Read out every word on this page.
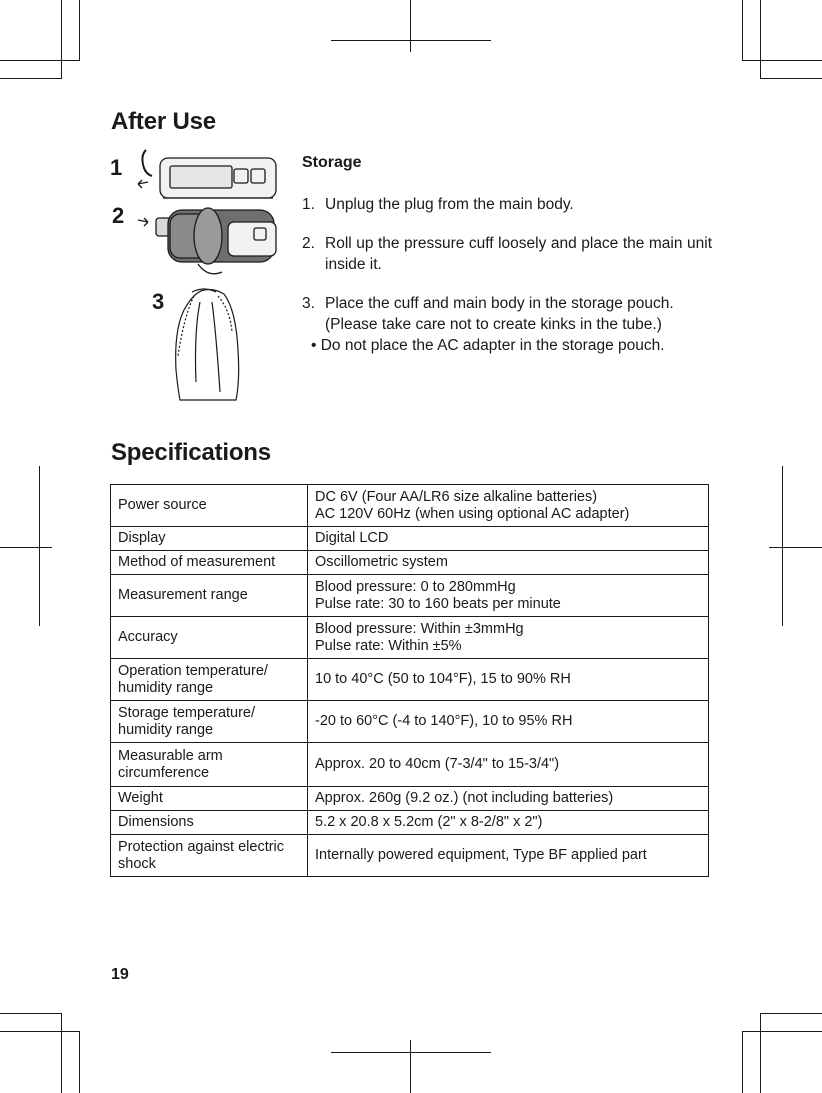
After Use
1
2
3
Storage
1. Unplug the plug from the main body.
2. Roll up the pressure cuff loosely and place the main unit inside it.
3. Place the cuff and main body in the storage pouch.
(Please take care not to create kinks in the tube.)
• Do not place the AC adapter in the storage pouch.
Specifications
Power source	DC 6V (Four AA/LR6 size alkaline batteries)
AC 120V 60Hz (when using optional AC adapter)

Display	Digital LCD
Method of measurement	Oscillometric system
Measurement range	Blood pressure: 0 to 280mmHg
Pulse rate: 30 to 160 beats per minute

Accuracy	Blood pressure: Within ±3mmHg
Pulse rate: Within ±5%

Operation temperature/ humidity range	10 to 40°C (50 to 104°F), 15 to 90% RH
Storage temperature/ humidity range	-20 to 60°C (-4 to 140°F), 10 to 95% RH
Measurable arm circumference	Approx. 20 to 40cm (7-3/4" to 15-3/4")
Weight	Approx. 260g (9.2 oz.) (not including batteries)
Dimensions	5.2 x 20.8 x 5.2cm (2" x 8-2/8" x 2")
Protection against electric shock	Internally powered equipment, Type BF applied part
19
